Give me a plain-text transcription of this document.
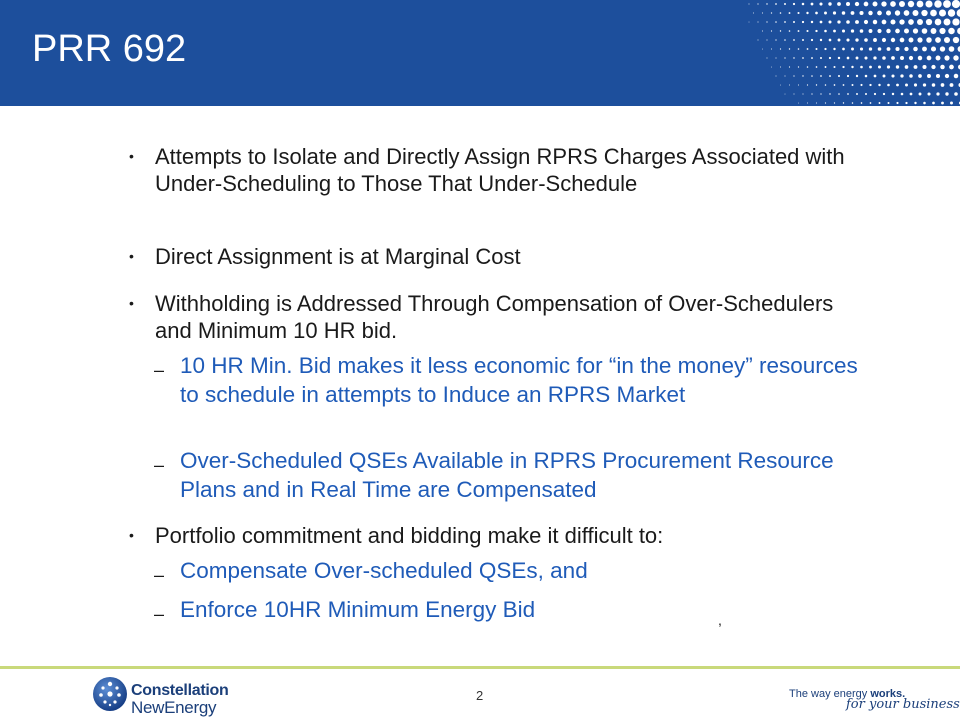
PRR 692
• Attempts to Isolate and Directly Assign RPRS Charges Associated with Under-Scheduling to Those That Under-Schedule
• Direct Assignment is at Marginal Cost
• Withholding is Addressed Through Compensation of Over-Schedulers and Minimum 10 HR bid.
– 10 HR Min. Bid makes it less economic for “in the money” resources to schedule in attempts to Induce an RPRS Market
– Over-Scheduled QSEs Available in RPRS Procurement Resource Plans and in Real Time are Compensated
• Portfolio commitment and bidding make it difficult to:
– Compensate Over-scheduled QSEs, and
– Enforce 10HR Minimum Energy Bid	,
Constellation
NewEnergy
2	The way energy works.
for your business
